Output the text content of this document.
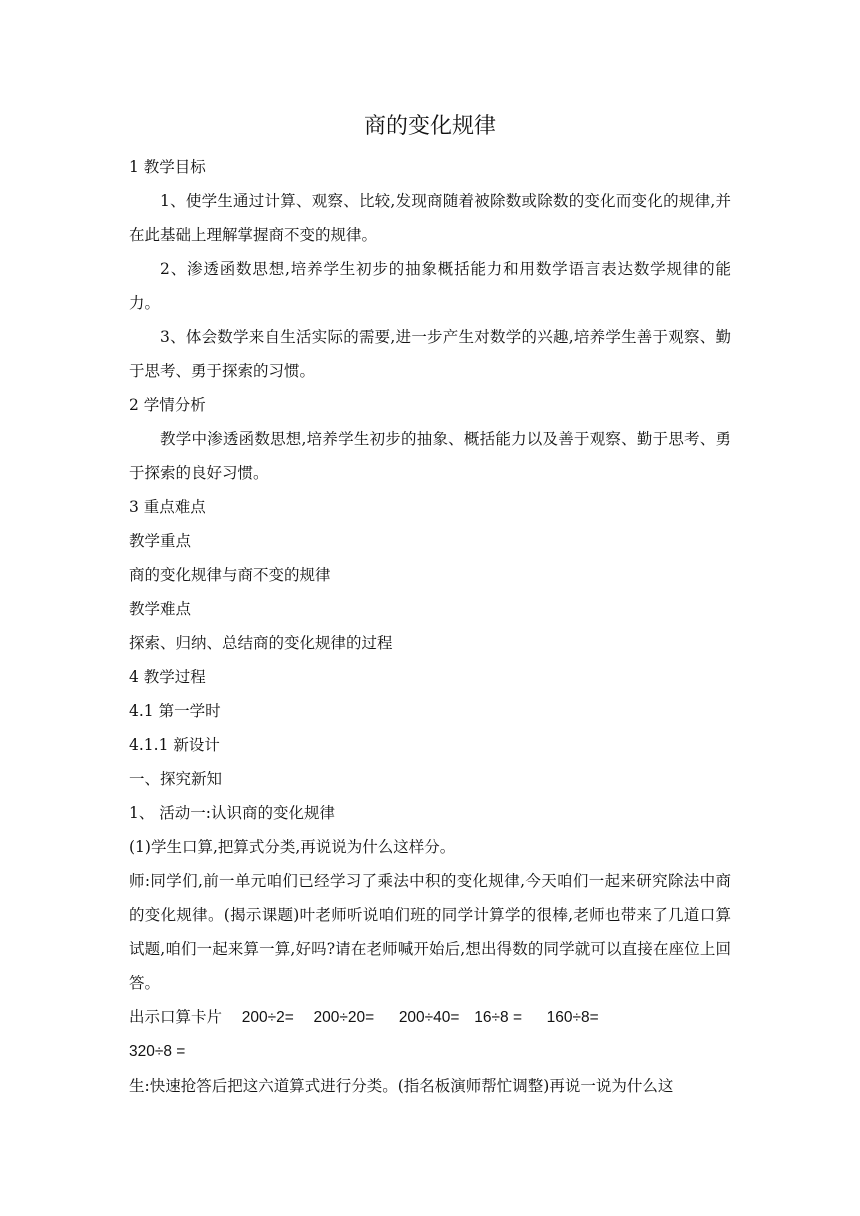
商的变化规律

1 教学目标

1、使学生通过计算、观察、比较,发现商随着被除数或除数的变化而变化的规律,并在此基础上理解掌握商不变的规律。

2、渗透函数思想,培养学生初步的抽象概括能力和用数学语言表达数学规律的能力。

3、体会数学来自生活实际的需要,进一步产生对数学的兴趣,培养学生善于观察、勤于思考、勇于探索的习惯。

2 学情分析

教学中渗透函数思想,培养学生初步的抽象、概括能力以及善于观察、勤于思考、勇于探索的良好习惯。

3 重点难点

教学重点

商的变化规律与商不变的规律

教学难点

探索、归纳、总结商的变化规律的过程

4 教学过程

4.1 第一学时

4.1.1 新设计

一、探究新知

1、 活动一:认识商的变化规律

(1)学生口算,把算式分类,再说说为什么这样分。

师:同学们,前一单元咱们已经学习了乘法中积的变化规律,今天咱们一起来研究除法中商的变化规律。(揭示课题)叶老师听说咱们班的同学计算学的很棒,老师也带来了几道口算试题,咱们一起来算一算,好吗?请在老师喊开始后,想出得数的同学就可以直接在座位上回答。

出示口算卡片 200÷2= 200÷20= 200÷40= 16÷8 = 160÷8=

320÷8 =

生:快速抢答后把这六道算式进行分类。(指名板演师帮忙调整)再说一说为什么这
